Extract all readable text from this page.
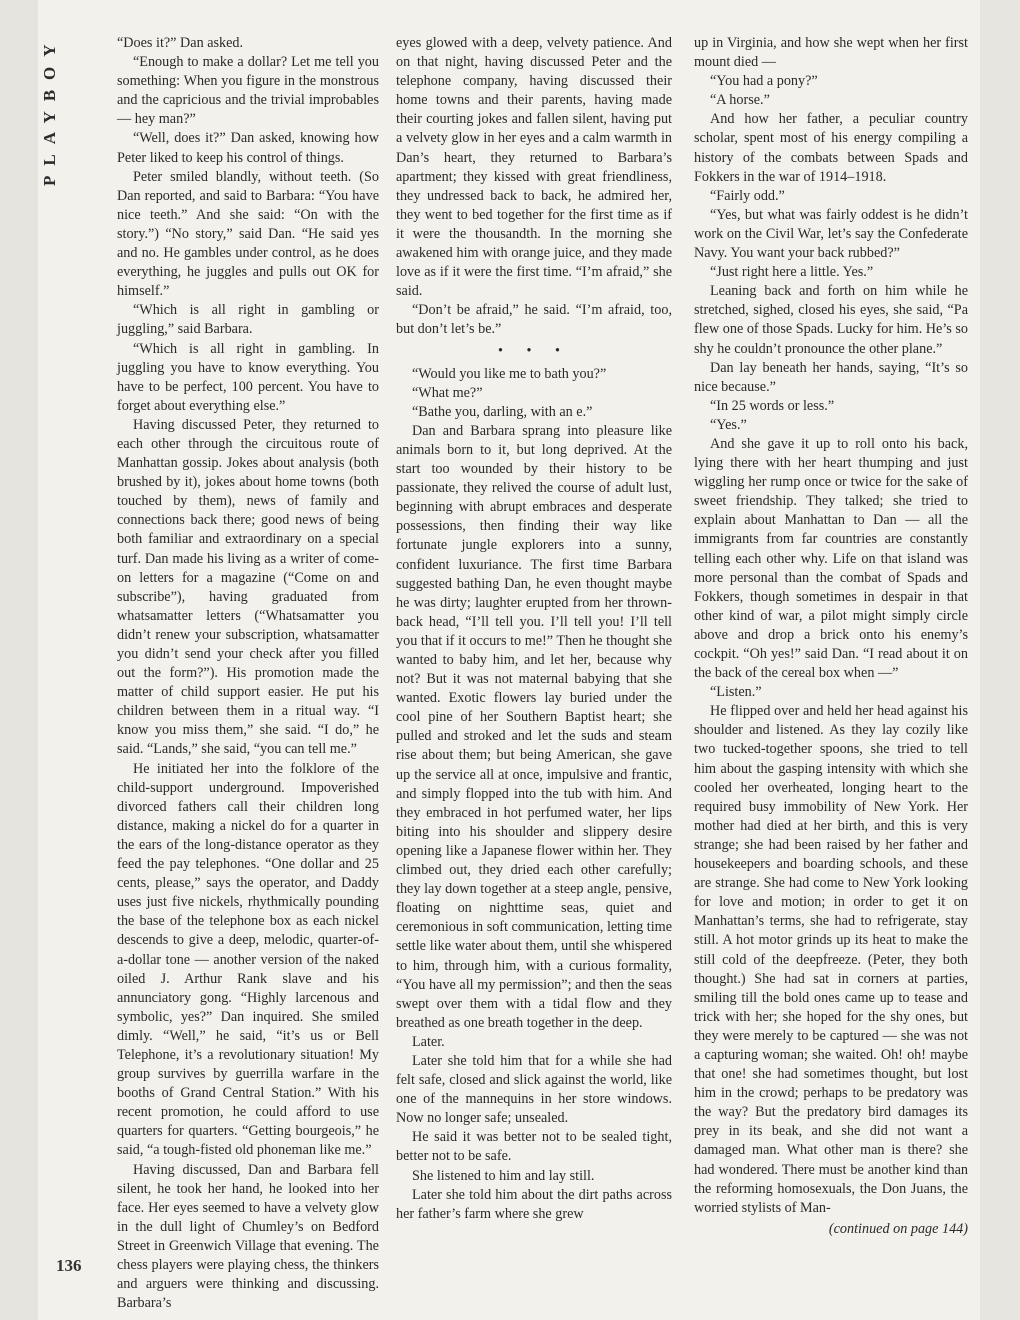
PLAYBOY	“Does it?” Dan asked.

“Enough to make a dollar? Let me tell you something: When you figure in the monstrous and the capricious and the trivial improbables — hey man?”

“Well, does it?” Dan asked, knowing how Peter liked to keep his control of things.

Peter smiled blandly, without teeth. (So Dan reported, and said to Barbara: “You have nice teeth.” And she said: “On with the story.”) “No story,” said Dan. “He said yes and no. He gambles under control, as he does everything, he juggles and pulls out OK for himself.”

“Which is all right in gambling or juggling,” said Barbara.

“Which is all right in gambling. In juggling you have to know everything. You have to be perfect, 100 percent. You have to forget about everything else.”

Having discussed Peter, they returned to each other through the circuitous route of Manhattan gossip. Jokes about analysis (both brushed by it), jokes about home towns (both touched by them), news of family and connections back there; good news of being both familiar and extraordinary on a special turf. Dan made his living as a writer of come-on letters for a magazine (“Come on and subscribe”), having graduated from whatsamatter letters (“Whatsamatter you didn’t renew your subscription, whatsamatter you didn’t send your check after you filled out the form?”). His promotion made the matter of child support easier. He put his children between them in a ritual way. “I know you miss them,” she said. “I do,” he said. “Lands,” she said, “you can tell me.”

He initiated her into the folklore of the child-support underground. Impoverished divorced fathers call their children long distance, making a nickel do for a quarter in the ears of the long-distance operator as they feed the pay telephones. “One dollar and 25 cents, please,” says the operator, and Daddy uses just five nickels, rhythmically pounding the base of the telephone box as each nickel descends to give a deep, melodic, quarter-of-a-dollar tone — another version of the naked oiled J. Arthur Rank slave and his annunciatory gong. “Highly larcenous and symbolic, yes?” Dan inquired. She smiled dimly. “Well,” he said, “it’s us or Bell Telephone, it’s a revolutionary situation! My group survives by guerrilla warfare in the booths of Grand Central Station.” With his recent promotion, he could afford to use quarters for quarters. “Getting bourgeois,” he said, “a tough-fisted old phoneman like me.”

Having discussed, Dan and Barbara fell silent, he took her hand, he looked into her face. Her eyes seemed to have a velvety glow in the dull light of Chumley’s on Bedford Street in Greenwich Village that evening. The chess players were playing chess, the thinkers and arguers were thinking and discussing. Barbara’s

eyes glowed with a deep, velvety patience. And on that night, having discussed Peter and the telephone company, having discussed their home towns and their parents, having made their courting jokes and fallen silent, having put a velvety glow in her eyes and a calm warmth in Dan’s heart, they returned to Barbara’s apartment; they kissed with great friendliness, they undressed back to back, he admired her, they went to bed together for the first time as if it were the thousandth. In the morning she awakened him with orange juice, and they made love as if it were the first time. “I’m afraid,” she said.

“Don’t be afraid,” he said. “I’m afraid, too, but don’t let’s be.”

• • •

“Would you like me to bath you?”

“What me?”

“Bathe you, darling, with an e.”

Dan and Barbara sprang into pleasure like animals born to it, but long deprived. At the start too wounded by their history to be passionate, they relived the course of adult lust, beginning with abrupt embraces and desperate possessions, then finding their way like fortunate jungle explorers into a sunny, confident luxuriance. The first time Barbara suggested bathing Dan, he even thought maybe he was dirty; laughter erupted from her thrown-back head, “I’ll tell you. I’ll tell you! I’ll tell you that if it occurs to me!” Then he thought she wanted to baby him, and let her, because why not? But it was not maternal babying that she wanted. Exotic flowers lay buried under the cool pine of her Southern Baptist heart; she pulled and stroked and let the suds and steam rise about them; but being American, she gave up the service all at once, impulsive and frantic, and simply flopped into the tub with him. And they embraced in hot perfumed water, her lips biting into his shoulder and slippery desire opening like a Japanese flower within her. They climbed out, they dried each other carefully; they lay down together at a steep angle, pensive, floating on nighttime seas, quiet and ceremonious in soft communication, letting time settle like water about them, until she whispered to him, through him, with a curious formality, “You have all my permission”; and then the seas swept over them with a tidal flow and they breathed as one breath together in the deep.

Later.

Later she told him that for a while she had felt safe, closed and slick against the world, like one of the mannequins in her store windows. Now no longer safe; unsealed.

He said it was better not to be sealed tight, better not to be safe.

She listened to him and lay still.

Later she told him about the dirt paths across her father’s farm where she grew

up in Virginia, and how she wept when her first mount died —

“You had a pony?”

“A horse.”

And how her father, a peculiar country scholar, spent most of his energy compiling a history of the combats between Spads and Fokkers in the war of 1914–1918.

“Fairly odd.”

“Yes, but what was fairly oddest is he didn’t work on the Civil War, let’s say the Confederate Navy. You want your back rubbed?”

“Just right here a little. Yes.”

Leaning back and forth on him while he stretched, sighed, closed his eyes, she said, “Pa flew one of those Spads. Lucky for him. He’s so shy he couldn’t pronounce the other plane.”

Dan lay beneath her hands, saying, “It’s so nice because.”

“In 25 words or less.”

“Yes.”

And she gave it up to roll onto his back, lying there with her heart thumping and just wiggling her rump once or twice for the sake of sweet friendship. They talked; she tried to explain about Manhattan to Dan — all the immigrants from far countries are constantly telling each other why. Life on that island was more personal than the combat of Spads and Fokkers, though sometimes in despair in that other kind of war, a pilot might simply circle above and drop a brick onto his enemy’s cockpit. “Oh yes!” said Dan. “I read about it on the back of the cereal box when —”

“Listen.”

He flipped over and held her head against his shoulder and listened. As they lay cozily like two tucked-together spoons, she tried to tell him about the gasping intensity with which she cooled her overheated, longing heart to the required busy immobility of New York. Her mother had died at her birth, and this is very strange; she had been raised by her father and housekeepers and boarding schools, and these are strange. She had come to New York looking for love and motion; in order to get it on Manhattan’s terms, she had to refrigerate, stay still. A hot motor grinds up its heat to make the still cold of the deepfreeze. (Peter, they both thought.) She had sat in corners at parties, smiling till the bold ones came up to tease and trick with her; she hoped for the shy ones, but they were merely to be captured — she was not a capturing woman; she waited. Oh! oh! maybe that one! she had sometimes thought, but lost him in the crowd; perhaps to be predatory was the way? But the predatory bird damages its prey in its beak, and she did not want a damaged man. What other man is there? she had wondered. There must be another kind than the reforming homosexuals, the Don Juans, the worried stylists of Man-

(continued on page 144)

136
